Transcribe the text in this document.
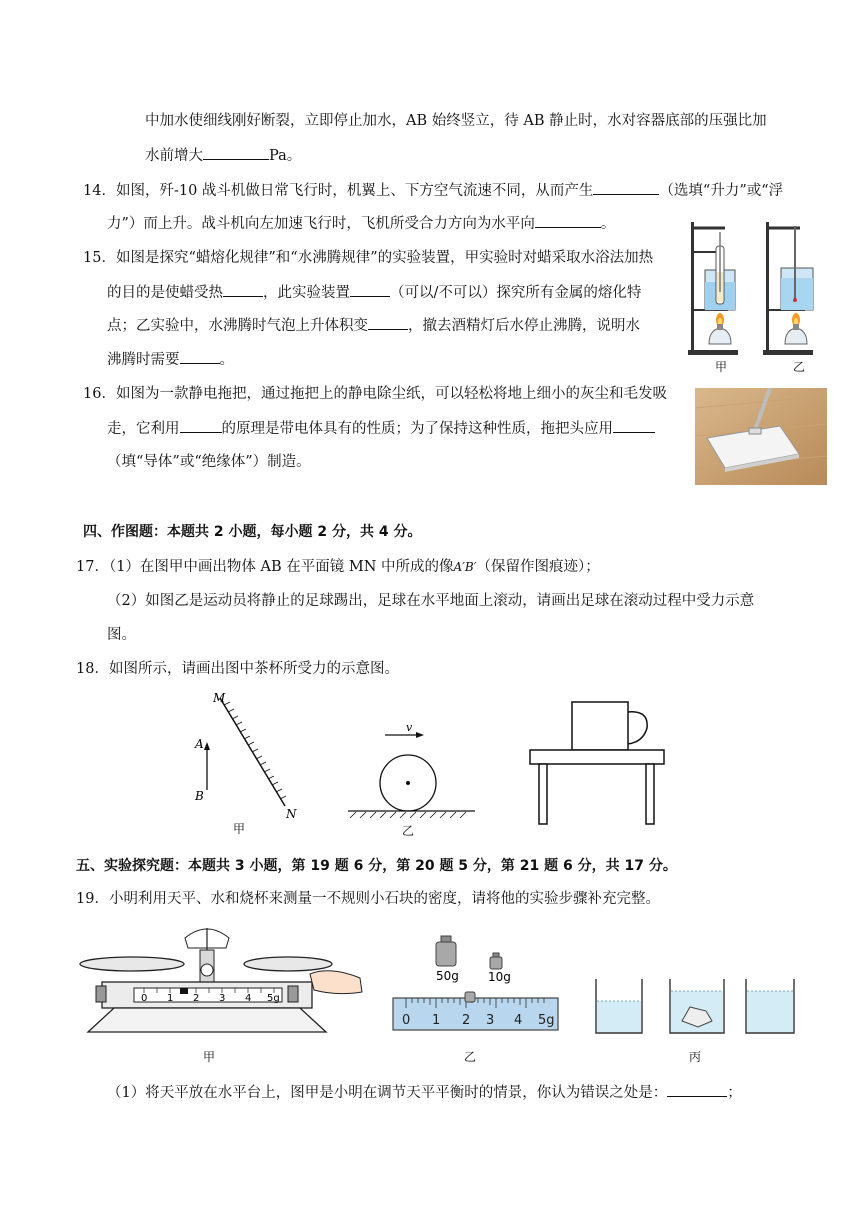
中加水使细线刚好断裂，立即停止加水，AB 始终竖立，待 AB 静止时，水对容器底部的压强比加
水前增大	Pa。
14．如图，歼-10 战斗机做日常飞行时，机翼上、下方空气流速不同，从而产生	（选填“升力”或“浮
力”）而上升。战斗机向左加速飞行时，飞机所受合力方向为水平向	。
15．如图是探究“蜡熔化规律”和“水沸腾规律”的实验装置，甲实验时对蜡采取水浴法加热
的目的是使蜡受热	，此实验装置	（可以/不可以）探究所有金属的熔化特
点；乙实验中，水沸腾时气泡上升体积变	，撤去酒精灯后水停止沸腾，说明水
沸腾时需要	。	甲	乙
16．如图为一款静电拖把，通过拖把上的静电除尘纸，可以轻松将地上细小的灰尘和毛发吸
走，它利用	的原理是带电体具有的性质；为了保持这种性质，拖把头应用
（填“导体”或“绝缘体”）制造。
四、作图题：本题共 2 小题，每小题 2 分，共 4 分。
17．（1）在图甲中画出物体 AB 在平面镜 MN 中所成的像A′B′（保留作图痕迹）；
（2）如图乙是运动员将静止的足球踢出，足球在水平地面上滚动，请画出足球在滚动过程中受力示意
图。
18．如图所示，请画出图中茶杯所受力的示意图。
M
N
A
B
甲
v
乙
五、实验探究题：本题共 3 小题，第 19 题 6 分，第 20 题 5 分，第 21 题 6 分，共 17 分。
19．小明利用天平、水和烧杯来测量一不规则小石块的密度，请将他的实验步骤补充完整。
0 1 2 3 4 5g
甲
50g 10g
0 1 2 3 4 5g
乙	丙
（1）将天平放在水平台上，图甲是小明在调节天平平衡时的情景，你认为错误之处是：	；
